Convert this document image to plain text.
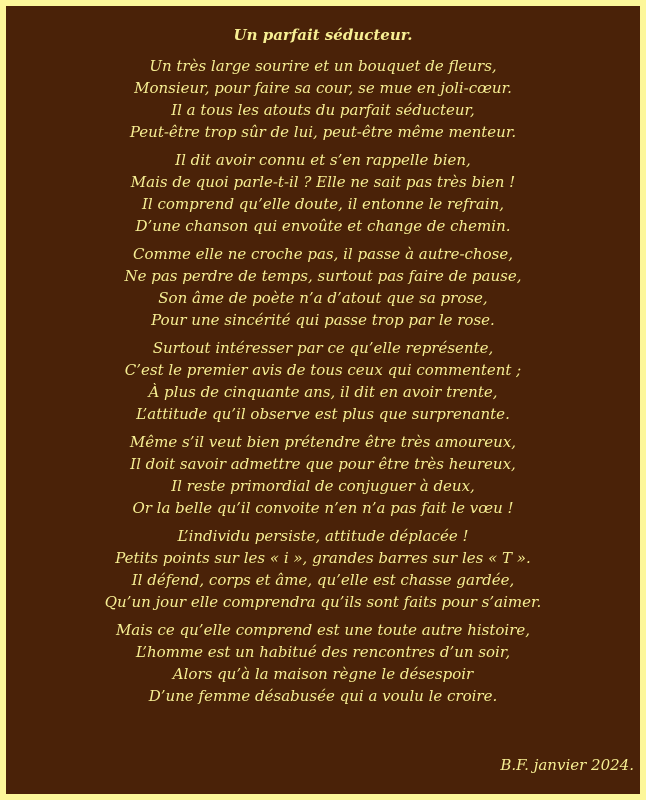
Un parfait séducteur.
Un très large sourire et un bouquet de fleurs,
Monsieur, pour faire sa cour, se mue en joli-cœur.
Il a tous les atouts du parfait séducteur,
Peut-être trop sûr de lui, peut-être même menteur.
Il dit avoir connu et s’en rappelle bien,
Mais de quoi parle-t-il ? Elle ne sait pas très bien !
Il comprend qu’elle doute, il entonne le refrain,
D’une chanson qui envoûte et change de chemin.
Comme elle ne croche pas, il passe à autre-chose,
Ne pas perdre de temps, surtout pas faire de pause,
Son âme de poète n’a d’atout que sa prose,
Pour une sincérité qui passe trop par le rose.
Surtout intéresser par ce qu’elle représente,
C’est le premier avis de tous ceux qui commentent ;
À plus de cinquante ans, il dit en avoir trente,
L’attitude qu’il observe est plus que surprenante.
Même s’il veut bien prétendre être très amoureux,
Il doit savoir admettre que pour être très heureux,
Il reste primordial de conjuguer à deux,
Or la belle qu’il convoite n’en n’a pas fait le vœu !
L’individu persiste, attitude déplacée !
Petits points sur les « i », grandes barres sur les « T ».
Il défend, corps et âme, qu’elle est chasse gardée,
Qu’un jour elle comprendra qu’ils sont faits pour s’aimer.
Mais ce qu’elle comprend est une toute autre histoire,
L’homme est un habitué des rencontres d’un soir,
Alors qu’à la maison règne le désespoir
D’une femme désabusée qui a voulu le croire.
B.F. janvier 2024.
